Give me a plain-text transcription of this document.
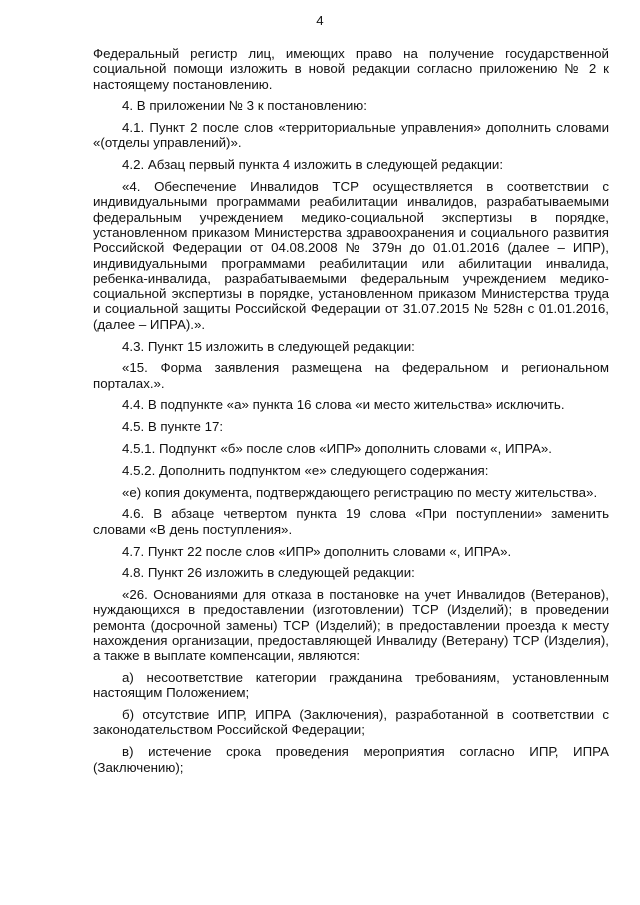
4

Федеральный регистр лиц, имеющих право на получение государственной социальной помощи изложить в новой редакции согласно приложению № 2 к настоящему постановлению.

4. В приложении № 3 к постановлению:

4.1. Пункт 2 после слов «территориальные управления» дополнить словами «(отделы управлений)».

4.2. Абзац первый пункта 4 изложить в следующей редакции:

«4. Обеспечение Инвалидов ТСР осуществляется в соответствии с индивидуальными программами реабилитации инвалидов, разрабатываемыми федеральным учреждением медико-социальной экспертизы в порядке, установленном приказом Министерства здравоохранения и социального развития Российской Федерации от 04.08.2008 № 379н до 01.01.2016 (далее – ИПР), индивидуальными программами реабилитации или абилитации инвалида, ребенка-инвалида, разрабатываемыми федеральным учреждением медико-социальной экспертизы в порядке, установленном приказом Министерства труда и социальной защиты Российской Федерации от 31.07.2015 № 528н с 01.01.2016, (далее – ИПРА).».

4.3. Пункт 15 изложить в следующей редакции:

«15. Форма заявления размещена на федеральном и региональном порталах.».

4.4. В подпункте «а» пункта 16 слова «и место жительства» исключить.

4.5. В пункте 17:

4.5.1. Подпункт «б» после слов «ИПР» дополнить словами «, ИПРА».

4.5.2. Дополнить подпунктом «е» следующего содержания:

«е) копия документа, подтверждающего регистрацию по месту жительства».

4.6. В абзаце четвертом пункта 19 слова «При поступлении» заменить словами «В день поступления».

4.7. Пункт 22 после слов «ИПР» дополнить словами «, ИПРА».

4.8. Пункт 26 изложить в следующей редакции:

«26. Основаниями для отказа в постановке на учет Инвалидов (Ветеранов), нуждающихся в предоставлении (изготовлении) ТСР (Изделий); в проведении ремонта (досрочной замены) ТСР (Изделий); в предоставлении проезда к месту нахождения организации, предоставляющей Инвалиду (Ветерану) ТСР (Изделия), а также в выплате компенсации, являются:

а) несоответствие категории гражданина требованиям, установленным настоящим Положением;

б) отсутствие ИПР, ИПРА (Заключения), разработанной в соответствии с законодательством Российской Федерации;

в) истечение срока проведения мероприятия согласно ИПР, ИПРА (Заключению);
